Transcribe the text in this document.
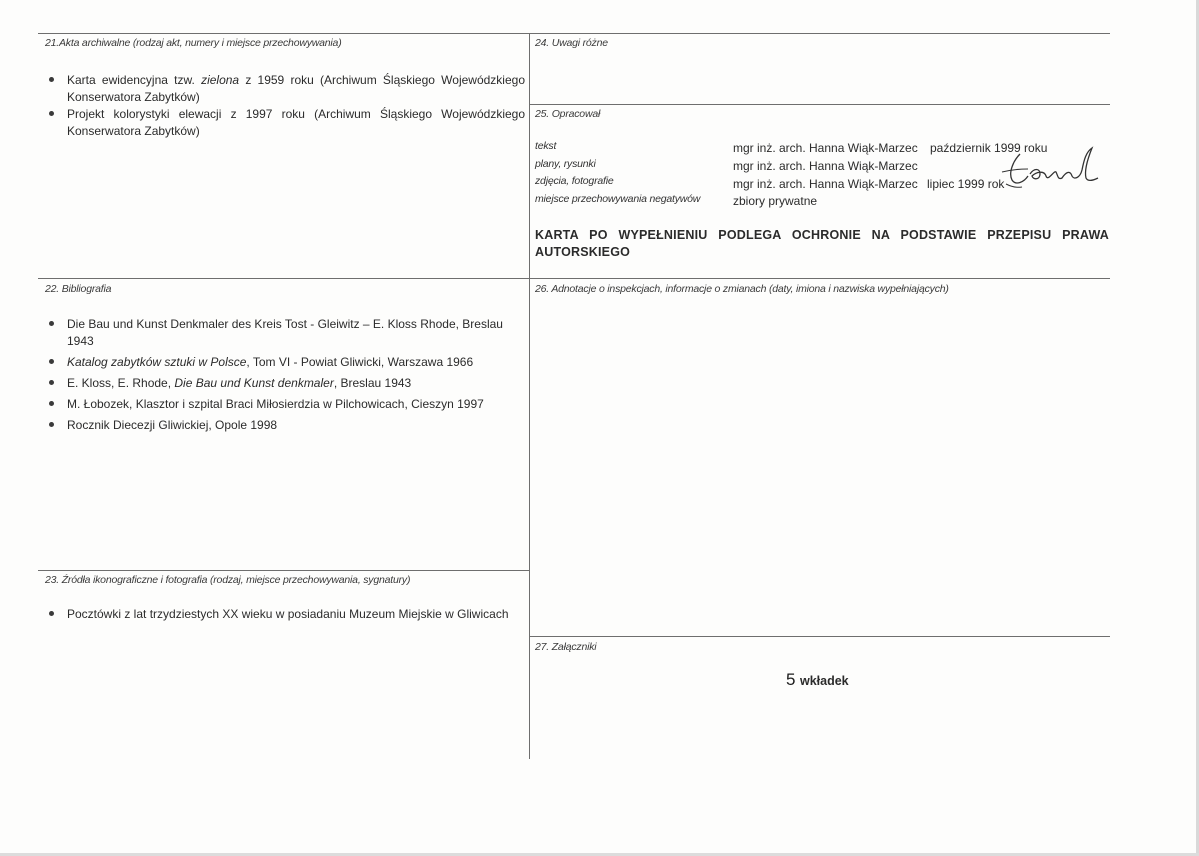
21.Akta archiwalne (rodzaj akt, numery i miejsce przechowywania)
Karta ewidencyjna tzw. zielona z 1959 roku (Archiwum Śląskiego Wojewódzkiego Konserwatora Zabytków)
Projekt kolorystyki elewacji z 1997 roku (Archiwum Śląskiego Wojewódzkiego Konserwatora Zabytków)
24. Uwagi różne
25. Opracował
tekst	mgr inż. arch. Hanna Wiąk-Marzec październik 1999 roku
plany, rysunki	mgr inż. arch. Hanna Wiąk-Marzec
zdjęcia, fotografie	mgr inż. arch. Hanna Wiąk-Marzec lipiec 1999 rok
miejsce przechowywania negatywów	zbiory prywatne
KARTA PO WYPEŁNIENIU PODLEGA OCHRONIE NA PODSTAWIE PRZEPISU PRAWA AUTORSKIEGO
22. Bibliografia
Die Bau und Kunst Denkmaler des Kreis Tost - Gleiwitz – E. Kloss Rhode, Breslau 1943
Katalog zabytków sztuki w Polsce, Tom VI - Powiat Gliwicki, Warszawa 1966
E. Kloss, E. Rhode, Die Bau und Kunst denkmaler, Breslau 1943
M. Łobozek, Klasztor i szpital Braci Miłosierdzia w Pilchowicach, Cieszyn 1997
Rocznik Diecezji Gliwickiej, Opole 1998
26. Adnotacje o inspekcjach, informacje o zmianach (daty, imiona i nazwiska wypełniających)
23. Źródła ikonograficzne i fotografia (rodzaj, miejsce przechowywania, sygnatury)
Pocztówki z lat trzydziestych XX wieku w posiadaniu Muzeum Miejskie w Gliwicach
27. Załączniki
5 wkładek
